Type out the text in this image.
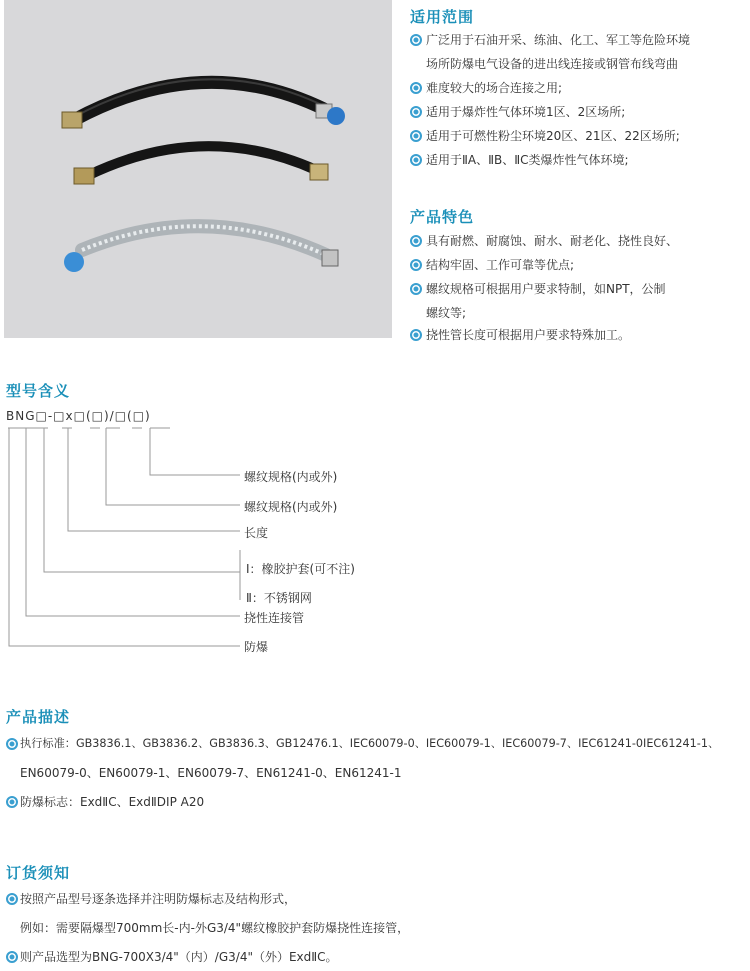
适用范围
广泛用于石油开采、练油、化工、军工等危险环境
场所防爆电气设备的进出线连接或钢管布线弯曲
难度较大的场合连接之用;
适用于爆炸性气体环境1区、2区场所;
适用于可燃性粉尘环境20区、21区、22区场所;
适用于ⅡA、ⅡB、ⅡC类爆炸性气体环境;
产品特色
具有耐燃、耐腐蚀、耐水、耐老化、挠性良好、
结构牢固、工作可靠等优点;
螺纹规格可根据用户要求特制，如NPT，公制
螺纹等;
挠性管长度可根据用户要求特殊加工。
型号含义
BNG□-□x□(□)/□(□)
螺纹规格(内或外)
螺纹规格(内或外)
长度
Ⅰ：橡胶护套(可不注)
Ⅱ：不锈钢网
挠性连接管
防爆
产品描述
执行标准：GB3836.1、GB3836.2、GB3836.3、GB12476.1、IEC60079-0、IEC60079-1、IEC60079-7、IEC61241-0IEC61241-1、
EN60079-0、EN60079-1、EN60079-7、EN61241-0、EN61241-1
防爆标志：ExdⅡC、ExdⅡDIP A20
订货须知
按照产品型号逐条选择并注明防爆标志及结构形式，
例如：需要隔爆型700mm长-内-外G3/4"螺纹橡胶护套防爆挠性连接管，
则产品选型为BNG-700X3/4"（内）/G3/4"（外）ExdⅡC。
